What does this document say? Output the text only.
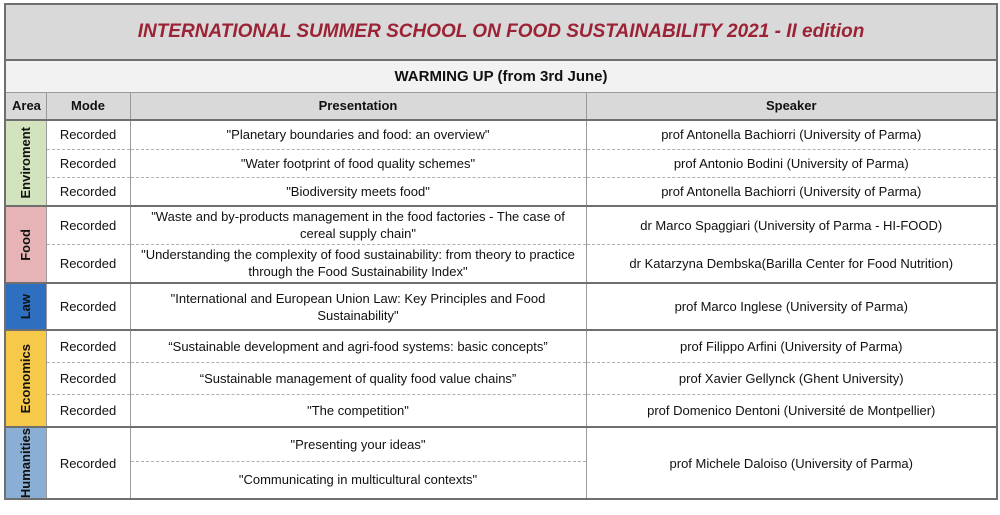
INTERNATIONAL SUMMER SCHOOL ON FOOD SUSTAINABILITY 2021 - II edition			
WARMING UP (from 3rd June)			
Area	Mode	Presentation	Speaker

Enviroment	Recorded	"Planetary boundaries and food: an overview"	prof Antonella Bachiorri (University of Parma)
	Recorded	"Water footprint of food quality schemes"	prof Antonio Bodini (University of Parma)
	Recorded	"Biodiversity meets food"	prof Antonella Bachiorri (University of Parma)

Food	Recorded	"Waste and by-products management in the food factories - The case of cereal supply chain"	dr Marco Spaggiari (University of Parma - HI-FOOD)
	Recorded	"Understanding the complexity of food sustainability: from theory to practice through the Food Sustainability Index"	dr Katarzyna Dembska(Barilla Center for Food Nutrition)

Law	Recorded	"International and European Union Law: Key Principles and Food Sustainability"	prof Marco Inglese (University of Parma)

Economics	Recorded	“Sustainable development and agri-food systems: basic concepts”	prof Filippo Arfini (University of Parma)
	Recorded	“Sustainable management of quality food value chains”	prof Xavier Gellynck (Ghent University)
	Recorded	"The competition"	prof Domenico Dentoni (Université de Montpellier)

Humanities	Recorded	"Presenting your ideas"	prof Michele Daloiso (University of Parma)
		"Communicating in multicultural contexts"	
